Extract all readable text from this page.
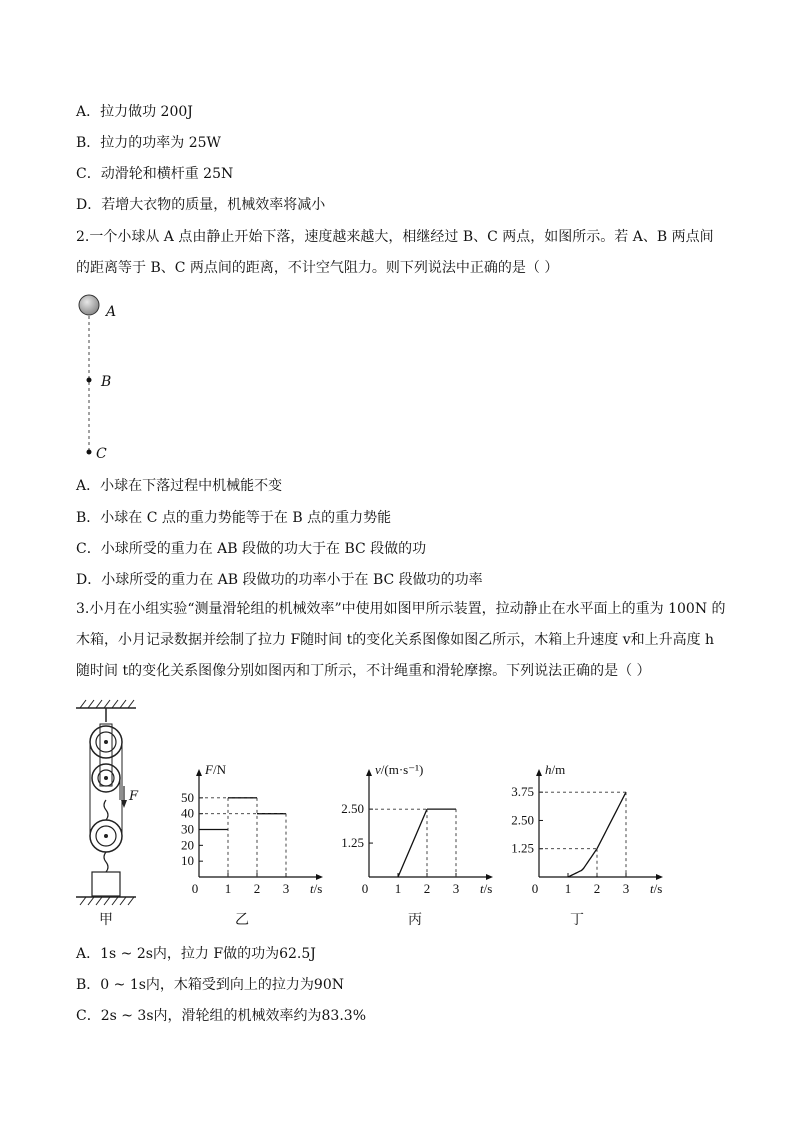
A．拉力做功 200J
B．拉力的功率为 25W
C．动滑轮和横杆重 25N
D．若增大衣物的质量，机械效率将减小
2.一个小球从 A 点由静止开始下落，速度越来越大，相继经过 B、C 两点，如图所示。若 A、B 两点间的距离等于 B、C 两点间的距离，不计空气阻力。则下列说法中正确的是（ ）
A
B
C
A．小球在下落过程中机械能不变
B．小球在 C 点的重力势能等于在 B 点的重力势能
C．小球所受的重力在 AB 段做的功大于在 BC 段做的功
D．小球所受的重力在 AB 段做功的功率小于在 BC 段做功的功率
3.小月在小组实验“测量滑轮组的机械效率”中使用如图甲所示装置，拉动静止在水平面上的重为 100N 的木箱，小月记录数据并绘制了拉力 F随时间 t的变化关系图像如图乙所示，木箱上升速度 v和上升高度 h随时间 t的变化关系图像分别如图丙和丁所示，不计绳重和滑轮摩擦。下列说法正确的是（ ）
F
甲
F/N
t/s
0 1 2 3
10
20
30
40
50
v/(m·s⁻¹)
t/s
0 1 2 3
1.25
2.50
h/m
t/s
0 1 2 3
1.25
2.50
3.75
乙	丙	丁
A．1s ~ 2s内，拉力 F做的功为62.5J
B．0 ~ 1s内，木箱受到向上的拉力为90N
C．2s ~ 3s内，滑轮组的机械效率约为83.3%
